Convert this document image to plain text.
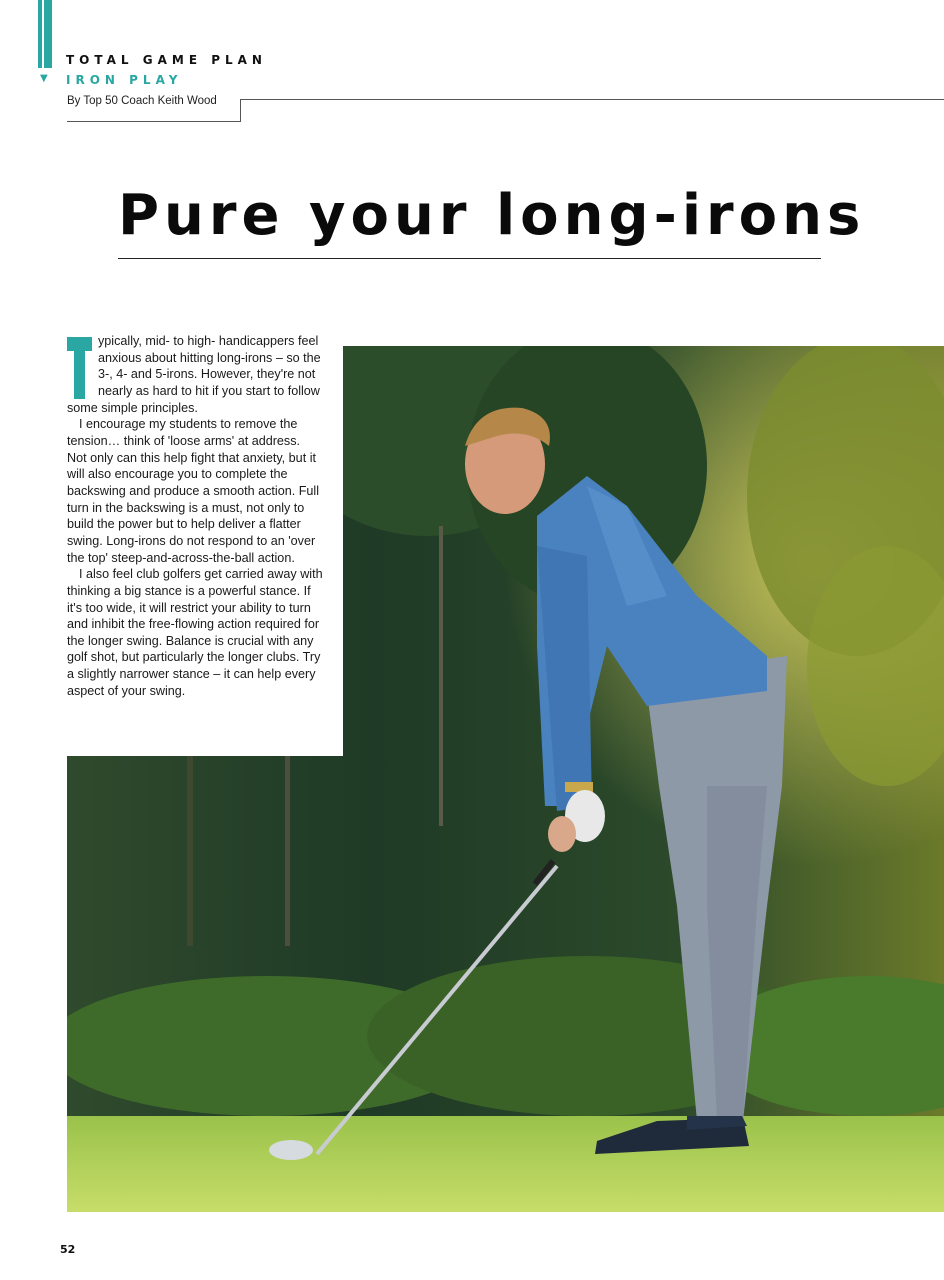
▼
TOTAL GAME PLAN
IRON PLAY
By Top 50 Coach Keith Wood
Pure your long-irons

ypically, mid- to high- handicappers feel anxious about hitting long-irons – so the 3-, 4- and 5-irons. However, they're not nearly as hard to hit if you start to follow some simple principles.

I encourage my students to remove the tension… think of 'loose arms' at address. Not only can this help fight that anxiety, but it will also encourage you to complete the backswing and produce a smooth action. Full turn in the backswing is a must, not only to build the power but to help deliver a flatter swing. Long-irons do not respond to an 'over the top' steep-and-across-the-ball action.

I also feel club golfers get carried away with thinking a big stance is a powerful stance. If it's too wide, it will restrict your ability to turn and inhibit the free-flowing action required for the longer swing. Balance is crucial with any golf shot, but particularly the longer clubs. Try a slightly narrower stance – it can help every aspect of your swing.

52
